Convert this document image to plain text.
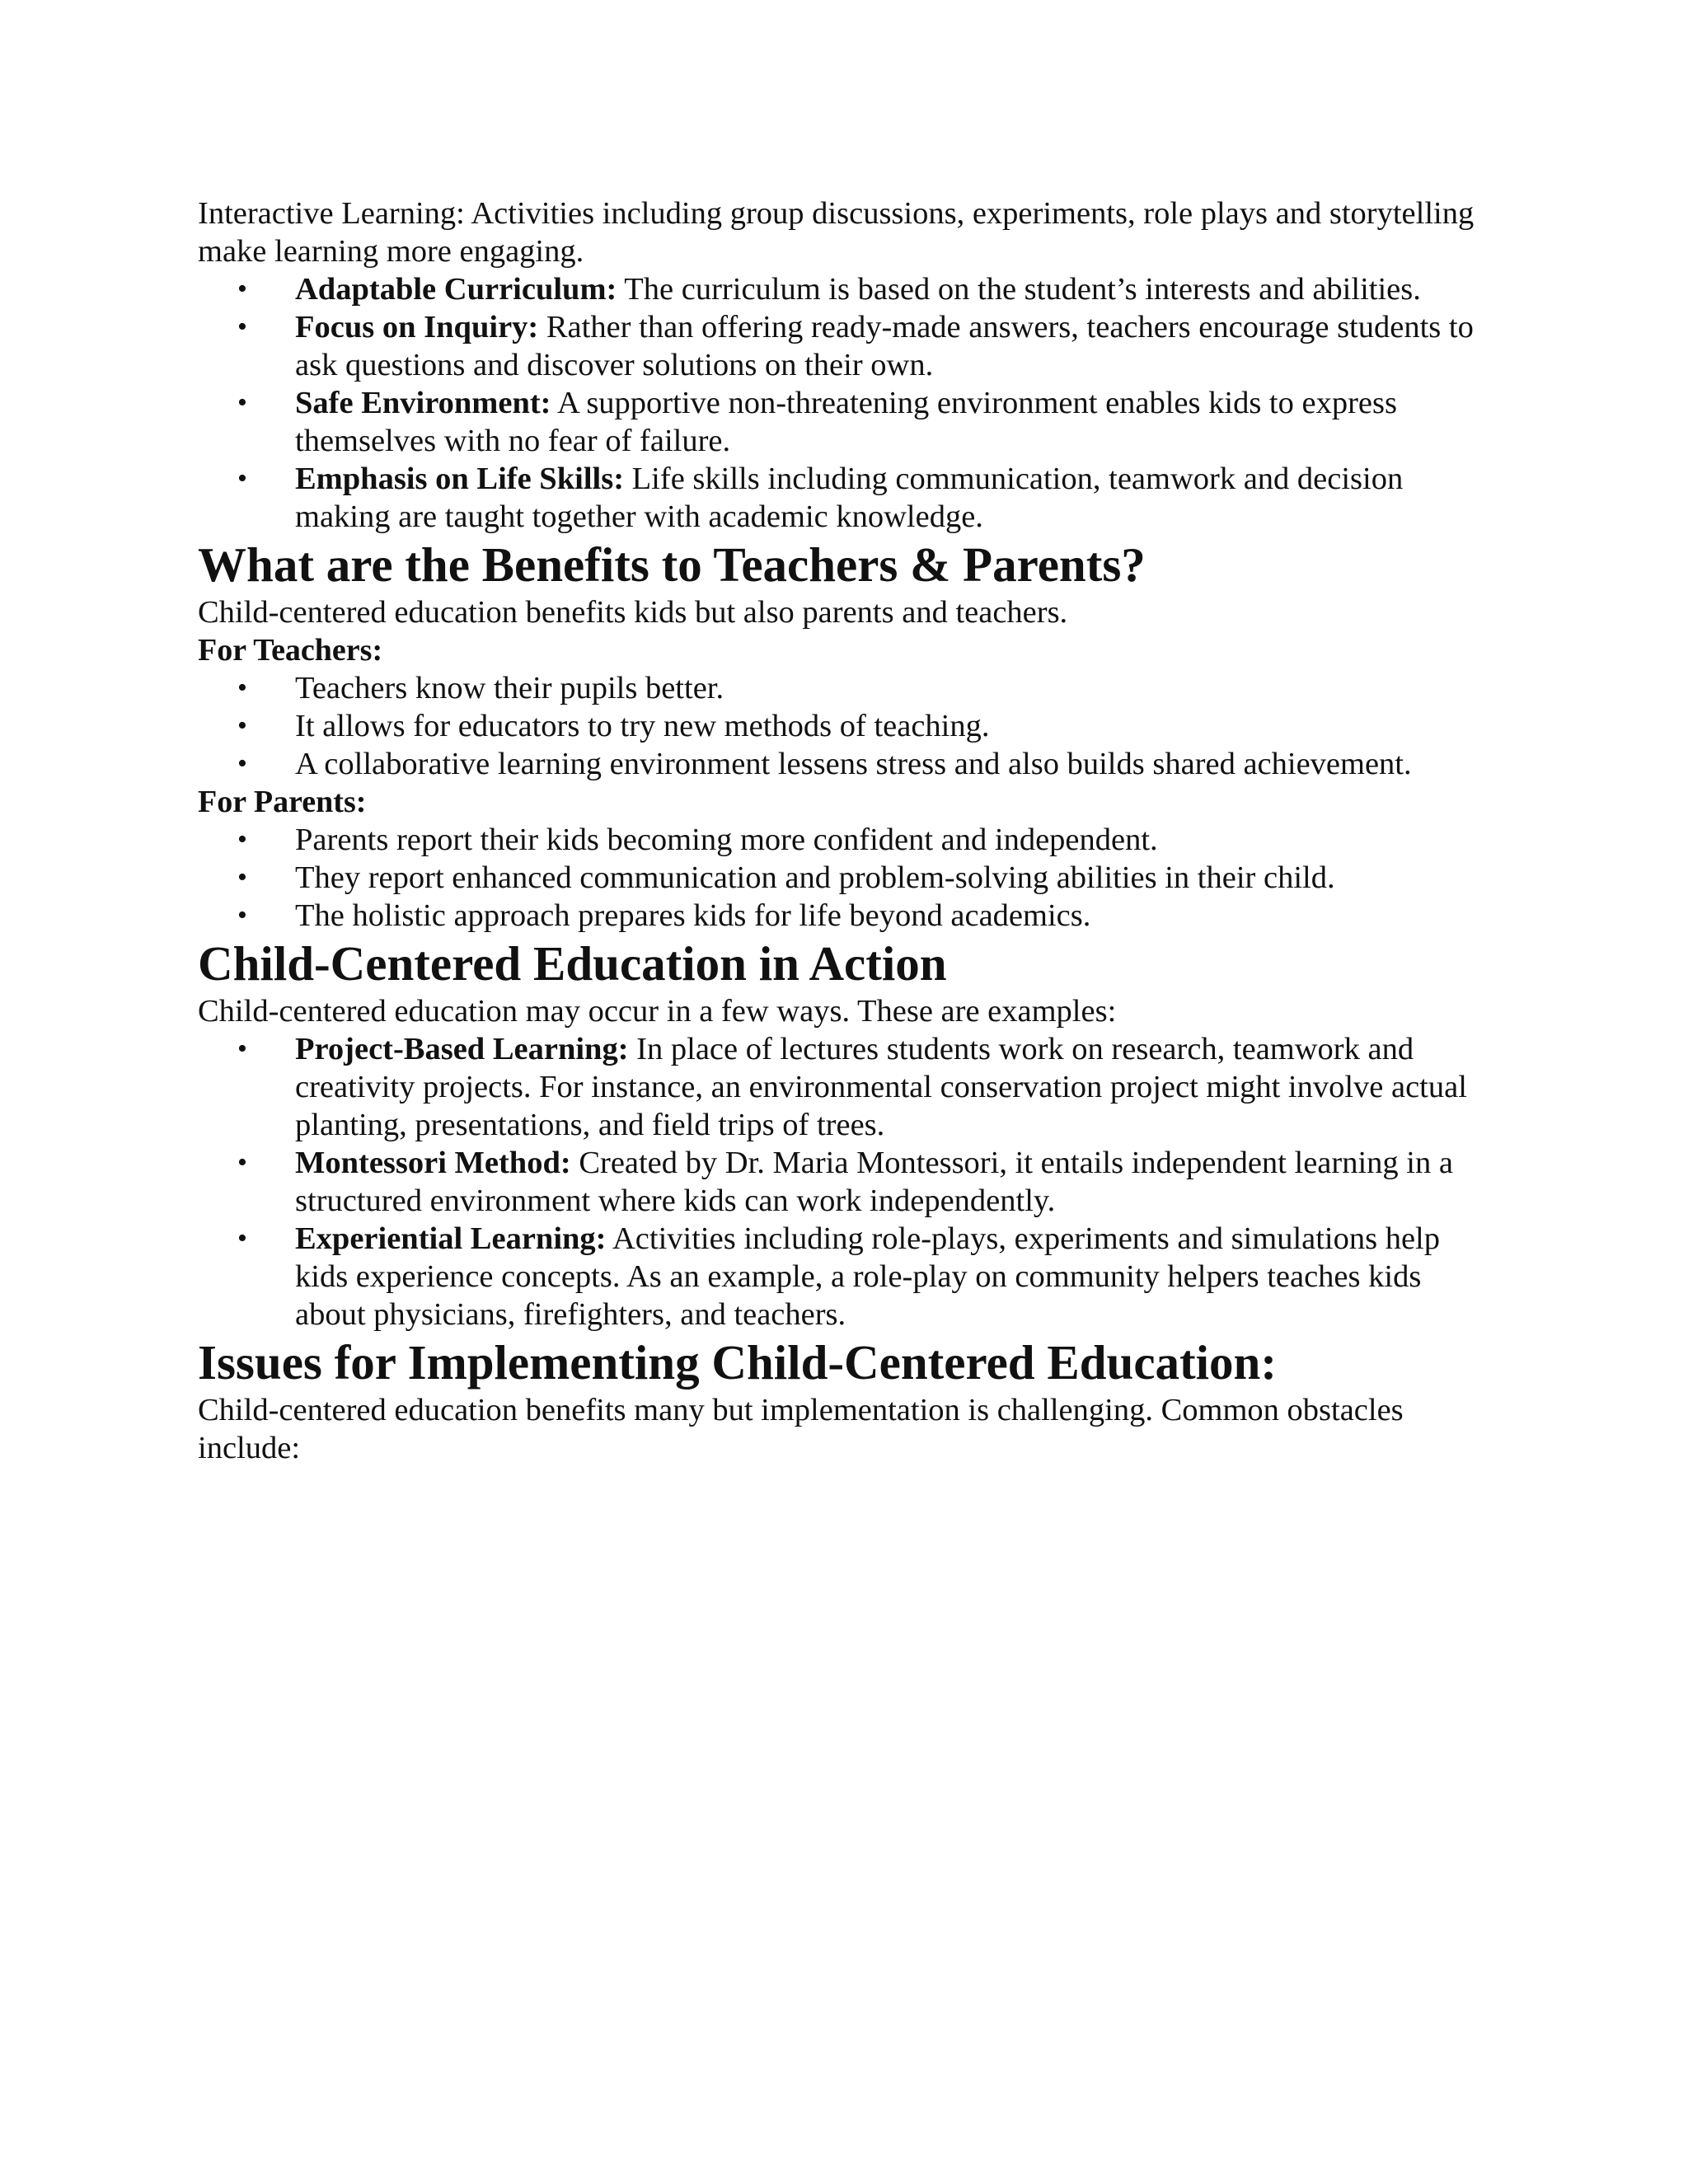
Interactive Learning: Activities including group discussions, experiments, role plays and storytelling make learning more engaging.

• Adaptable Curriculum: The curriculum is based on the student’s interests and abilities.
• Focus on Inquiry: Rather than offering ready-made answers, teachers encourage students to ask questions and discover solutions on their own.
• Safe Environment: A supportive non-threatening environment enables kids to express themselves with no fear of failure.
• Emphasis on Life Skills: Life skills including communication, teamwork and decision making are taught together with academic knowledge.
What are the Benefits to Teachers & Parents?

Child-centered education benefits kids but also parents and teachers.

For Teachers:

• Teachers know their pupils better.
• It allows for educators to try new methods of teaching.
• A collaborative learning environment lessens stress and also builds shared achievement.

For Parents:

• Parents report their kids becoming more confident and independent.
• They report enhanced communication and problem-solving abilities in their child.
• The holistic approach prepares kids for life beyond academics.
Child-Centered Education in Action

Child-centered education may occur in a few ways. These are examples:

• Project-Based Learning: In place of lectures students work on research, teamwork and creativity projects. For instance, an environmental conservation project might involve actual planting, presentations, and field trips of trees.
• Montessori Method: Created by Dr. Maria Montessori, it entails independent learning in a structured environment where kids can work independently.
• Experiential Learning: Activities including role-plays, experiments and simulations help kids experience concepts. As an example, a role-play on community helpers teaches kids about physicians, firefighters, and teachers.
Issues for Implementing Child-Centered Education:

Child-centered education benefits many but implementation is challenging. Common obstacles include:
